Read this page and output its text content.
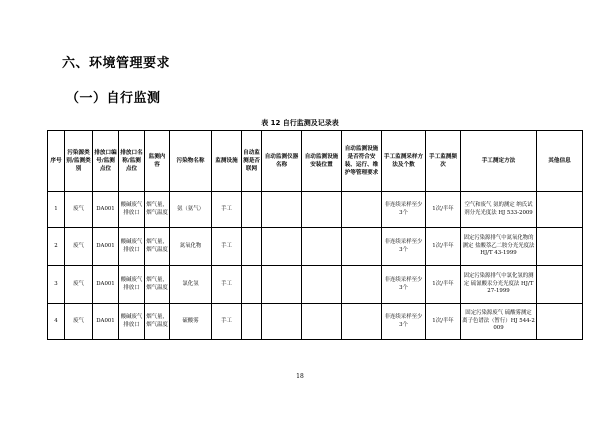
六、环境管理要求
（一）自行监测
表 12 自行监测及记录表
序号	污染源类别/监测类别	排放口编号/监测点位	排放口名称/监测点位	监测内容	污染物名称	监测设施	自动监测是否联网	自动监测仪器名称	自动监测设施安装位置	自动监测设施是否符合安装、运行、维护等管理要求	手工监测采样方法及个数	手工监测频次	手工测定方法	其他信息
1	废气	DA001	酸碱废气排放口	烟气量，烟气温度	氨（氨气）	手工					非连续采样至少3个	1次/半年	空气和废气 氨的测定 纳氏试剂分光光度法 HJ 533-2009	
2	废气	DA001	酸碱废气排放口	烟气量，烟气温度	氮氧化物	手工					非连续采样至少3个	1次/半年	固定污染源排气中氮氧化物的测定 盐酸萘乙二胺分光光度法 HJ/T 43-1999	
3	废气	DA001	酸碱废气排放口	烟气量，烟气温度	氯化氢	手工					非连续采样至少3个	1次/半年	固定污染源排气中氯化氢的测定 硫氰酸汞分光光度法 HJ/T 27-1999	
4	废气	DA001	酸碱废气排放口	烟气量，烟气温度	硫酸雾	手工					非连续采样至少3个	1次/半年	固定污染源废气 硫酸雾测定 离子色谱法（暂行）HJ 544-2009	
18
